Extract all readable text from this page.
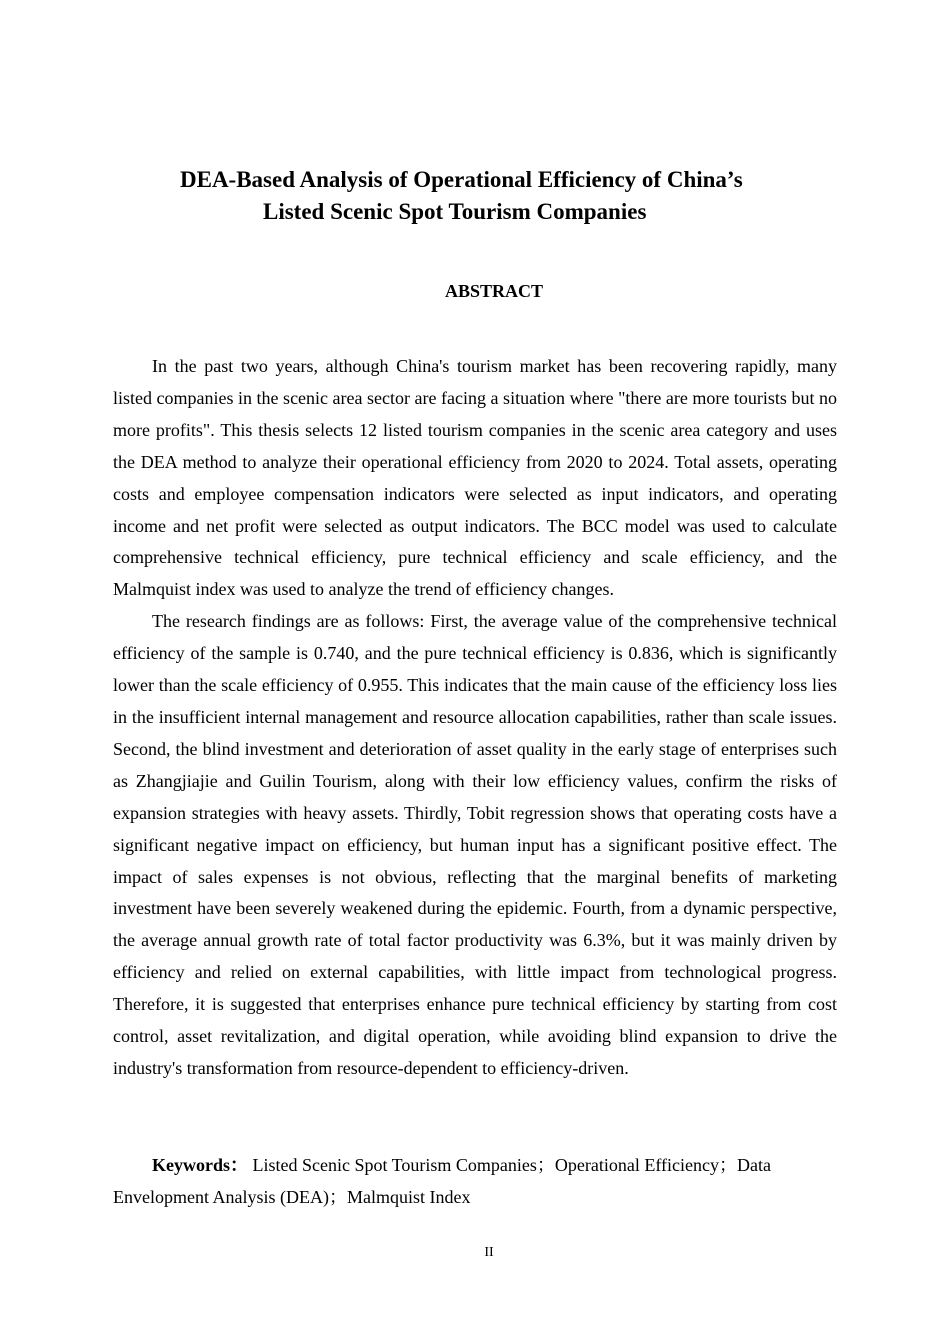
DEA-Based Analysis of Operational Efficiency of China’s
Listed Scenic Spot Tourism Companies
ABSTRACT

In the past two years, although China's tourism market has been recovering rapidly, many listed companies in the scenic area sector are facing a situation where "there are more tourists but no more profits". This thesis selects 12 listed tourism companies in the scenic area category and uses the DEA method to analyze their operational efficiency from 2020 to 2024. Total assets, operating costs and employee compensation indicators were selected as input indicators, and operating income and net profit were selected as output indicators. The BCC model was used to calculate comprehensive technical efficiency, pure technical efficiency and scale efficiency, and the Malmquist index was used to analyze the trend of efficiency changes.

The research findings are as follows: First, the average value of the comprehensive technical efficiency of the sample is 0.740, and the pure technical efficiency is 0.836, which is significantly lower than the scale efficiency of 0.955. This indicates that the main cause of the efficiency loss lies in the insufficient internal management and resource allocation capabilities, rather than scale issues. Second, the blind investment and deterioration of asset quality in the early stage of enterprises such as Zhangjiajie and Guilin Tourism, along with their low efficiency values, confirm the risks of expansion strategies with heavy assets. Thirdly, Tobit regression shows that operating costs have a significant negative impact on efficiency, but human input has a significant positive effect. The impact of sales expenses is not obvious, reflecting that the marginal benefits of marketing investment have been severely weakened during the epidemic. Fourth, from a dynamic perspective, the average annual growth rate of total factor productivity was 6.3%, but it was mainly driven by efficiency and relied on external capabilities, with little impact from technological progress. Therefore, it is suggested that enterprises enhance pure technical efficiency by starting from cost control, asset revitalization, and digital operation, while avoiding blind expansion to drive the industry's transformation from resource-dependent to efficiency-driven.

Keywords： Listed Scenic Spot Tourism Companies；Operational Efficiency；Data Envelopment Analysis (DEA)；Malmquist Index
II
